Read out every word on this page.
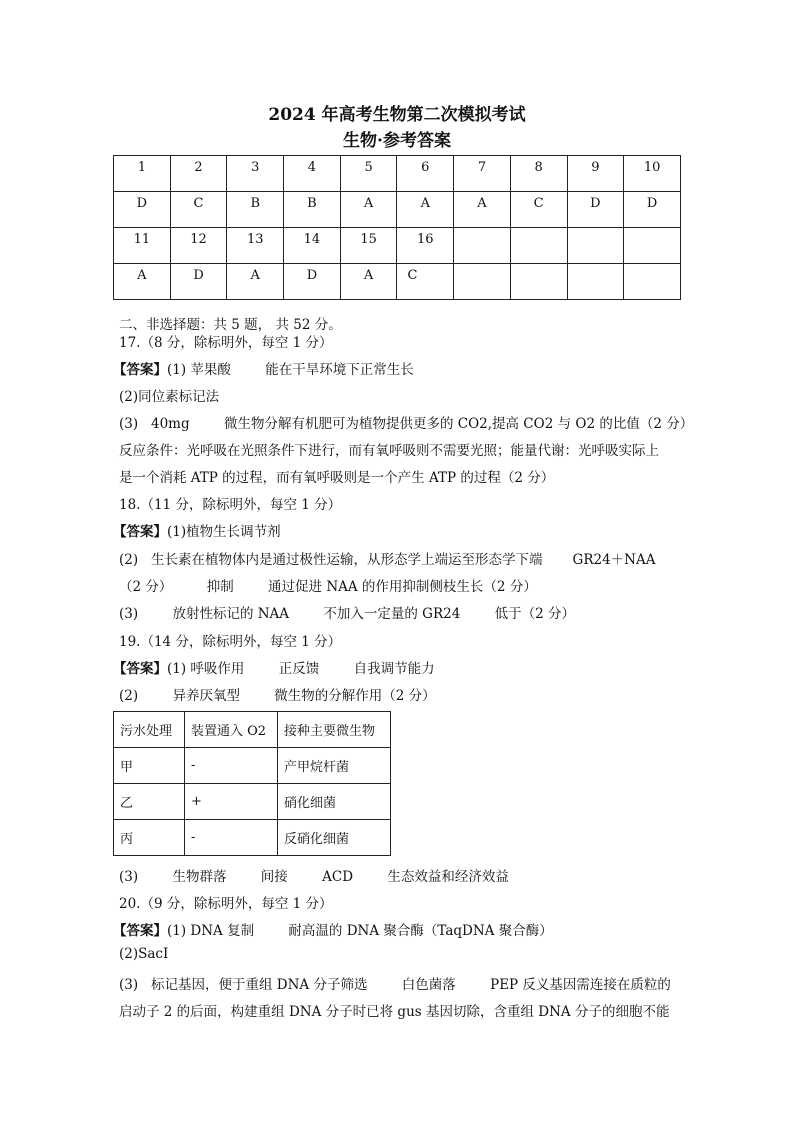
2024 年高考生物第二次模拟考试
生物·参考答案
1	2	3	4	5	6	7	8	9	10
D	C	B	B	A	A	A	C	D	D
11	12	13	14	15	16				
A	D	A	D	A	C				
二、非选择题：共 5 题， 共 52 分。
17.（8 分，除标明外，每空 1 分）
【答案】(1) 苹果酸        能在干旱环境下正常生长
(2)同位素标记法
(3)   40mg        微生物分解有机肥可为植物提供更多的 CO2,提高 CO2 与 O2 的比值（2 分）
反应条件：光呼吸在光照条件下进行，而有氧呼吸则不需要光照；能量代谢：光呼吸实际上
是一个消耗 ATP 的过程，而有氧呼吸则是一个产生 ATP 的过程（2 分）
18.（11 分，除标明外，每空 1 分）
【答案】(1)植物生长调节剂
(2)   生长素在植物体内是通过极性运输，从形态学上端运至形态学下端       GR24＋NAA
（2 分）        抑制        通过促进 NAA 的作用抑制侧枝生长（2 分）
(3)        放射性标记的 NAA        不加入一定量的 GR24        低于（2 分）
19.（14 分，除标明外，每空 1 分）
【答案】(1) 呼吸作用        正反馈        自我调节能力
(2)        异养厌氧型        微生物的分解作用（2 分）
污水处理	装置通入 O2	接种主要微生物
甲	-	产甲烷杆菌
乙	+	硝化细菌
丙	-	反硝化细菌
(3)        生物群落        间接        ACD        生态效益和经济效益
20.（9 分，除标明外，每空 1 分）
【答案】(1) DNA 复制        耐高温的 DNA 聚合酶（TaqDNA 聚合酶）
(2)SacI
(3)   标记基因，便于重组 DNA 分子筛选        白色菌落        PEP 反义基因需连接在质粒的
启动子 2 的后面，构建重组 DNA 分子时已将 gus 基因切除，含重组 DNA 分子的细胞不能
